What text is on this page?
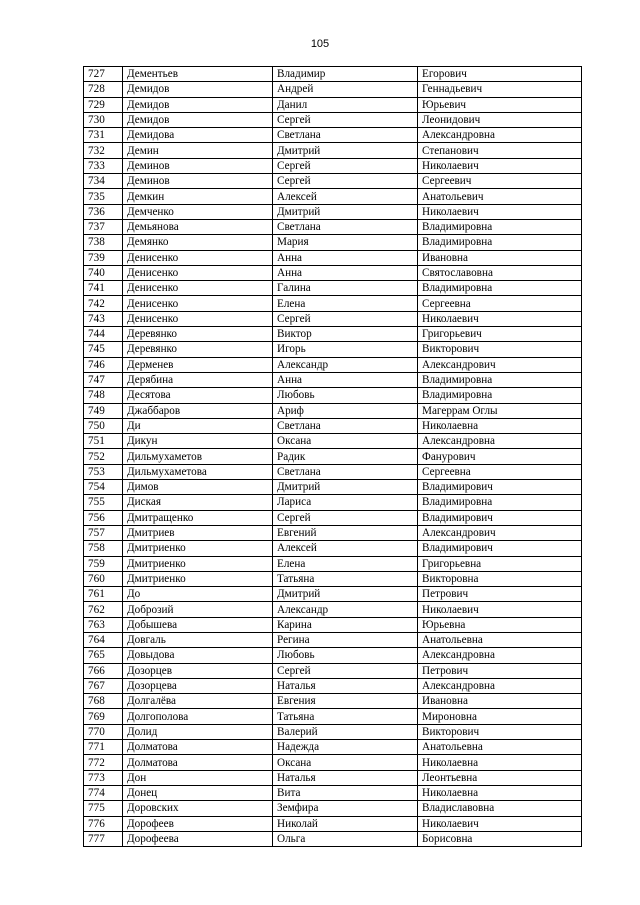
105
727	Дементьев	Владимир	Егорович
728	Демидов	Андрей	Геннадьевич
729	Демидов	Данил	Юрьевич
730	Демидов	Сергей	Леонидович
731	Демидова	Светлана	Александровна
732	Демин	Дмитрий	Степанович
733	Деминов	Сергей	Николаевич
734	Деминов	Сергей	Сергеевич
735	Демкин	Алексей	Анатольевич
736	Демченко	Дмитрий	Николаевич
737	Демьянова	Светлана	Владимировна
738	Демянко	Мария	Владимировна
739	Денисенко	Анна	Ивановна
740	Денисенко	Анна	Святославовна
741	Денисенко	Галина	Владимировна
742	Денисенко	Елена	Сергеевна
743	Денисенко	Сергей	Николаевич
744	Деревянко	Виктор	Григорьевич
745	Деревянко	Игорь	Викторович
746	Дерменев	Александр	Александрович
747	Дерябина	Анна	Владимировна
748	Десятова	Любовь	Владимировна
749	Джаббаров	Ариф	Магеррам Оглы
750	Ди	Светлана	Николаевна
751	Дикун	Оксана	Александровна
752	Дильмухаметов	Радик	Фанурович
753	Дильмухаметова	Светлана	Сергеевна
754	Димов	Дмитрий	Владимирович
755	Диская	Лариса	Владимировна
756	Дмитращенко	Сергей	Владимирович
757	Дмитриев	Евгений	Александрович
758	Дмитриенко	Алексей	Владимирович
759	Дмитриенко	Елена	Григорьевна
760	Дмитриенко	Татьяна	Викторовна
761	До	Дмитрий	Петрович
762	Доброзий	Александр	Николаевич
763	Добышева	Карина	Юрьевна
764	Довгаль	Регина	Анатольевна
765	Довыдова	Любовь	Александровна
766	Дозорцев	Сергей	Петрович
767	Дозорцева	Наталья	Александровна
768	Долгалёва	Евгения	Ивановна
769	Долгополова	Татьяна	Мироновна
770	Долид	Валерий	Викторович
771	Долматова	Надежда	Анатольевна
772	Долматова	Оксана	Николаевна
773	Дон	Наталья	Леонтьевна
774	Донец	Вита	Николаевна
775	Доровских	Земфира	Владиславовна
776	Дорофеев	Николай	Николаевич
777	Дорофеева	Ольга	Борисовна
